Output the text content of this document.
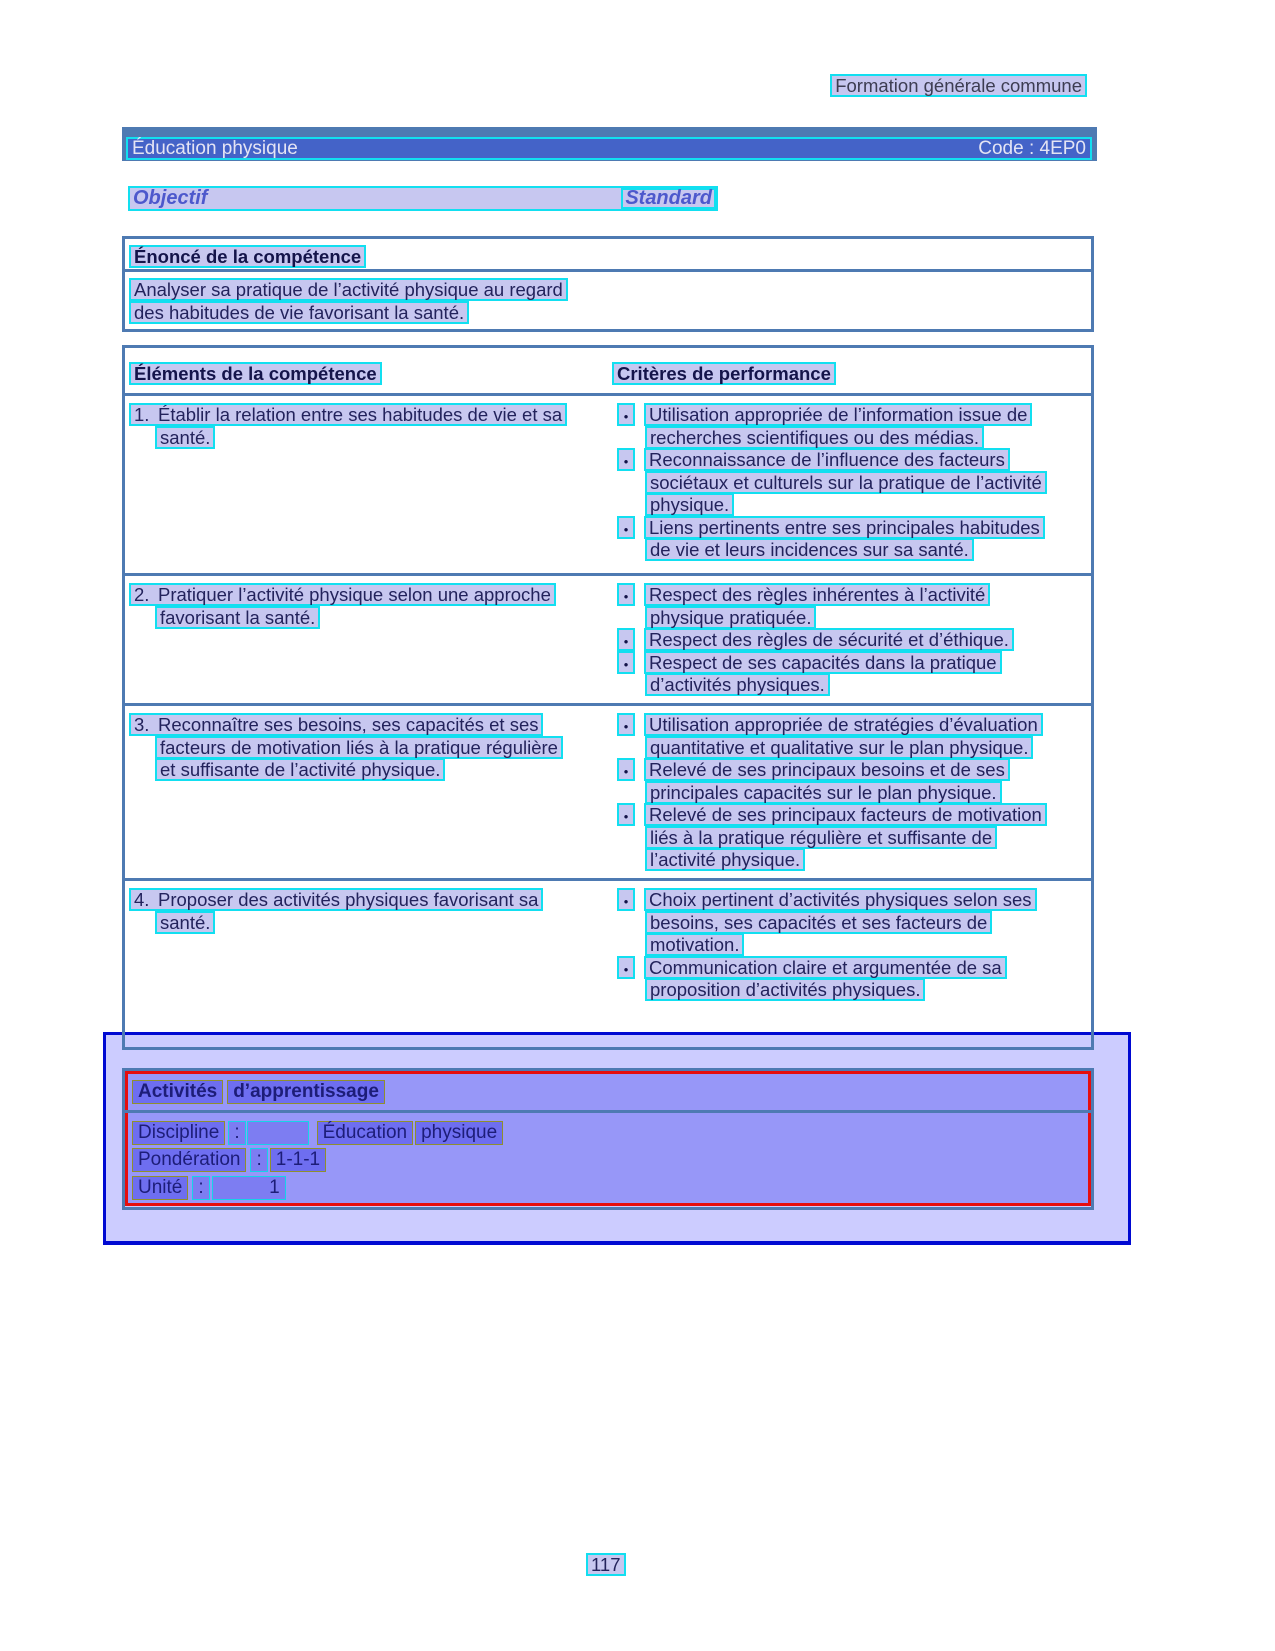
Formation générale commune
Éducation physique	Code : 4EP0
Objectif	Standard
Énoncé de la compétence
Analyser sa pratique de l’activité physique au regard
des habitudes de vie favorisant la santé.
Éléments de la compétence	Critères de performance
1. Établir la relation entre ses habitudes de vie et sa
santé.
• Utilisation appropriée de l’information issue de
recherches scientifiques ou des médias.
• Reconnaissance de l’influence des facteurs
sociétaux et culturels sur la pratique de l’activité
physique.
• Liens pertinents entre ses principales habitudes
de vie et leurs incidences sur sa santé.
2. Pratiquer l’activité physique selon une approche
favorisant la santé.
• Respect des règles inhérentes à l’activité
physique pratiquée.
• Respect des règles de sécurité et d’éthique.
• Respect de ses capacités dans la pratique
d’activités physiques.
3. Reconnaître ses besoins, ses capacités et ses
facteurs de motivation liés à la pratique régulière
et suffisante de l’activité physique.
• Utilisation appropriée de stratégies d’évaluation
quantitative et qualitative sur le plan physique.
• Relevé de ses principaux besoins et de ses
principales capacités sur le plan physique.
• Relevé de ses principaux facteurs de motivation
liés à la pratique régulière et suffisante de
l’activité physique.
4. Proposer des activités physiques favorisant sa
santé.
• Choix pertinent d’activités physiques selon ses
besoins, ses capacités et ses facteurs de
motivation.
• Communication claire et argumentée de sa
proposition d’activités physiques.
Activités d’apprentissage
Discipline :	Éducation physique
Pondération : 1-1-1
Unité :	1
117
